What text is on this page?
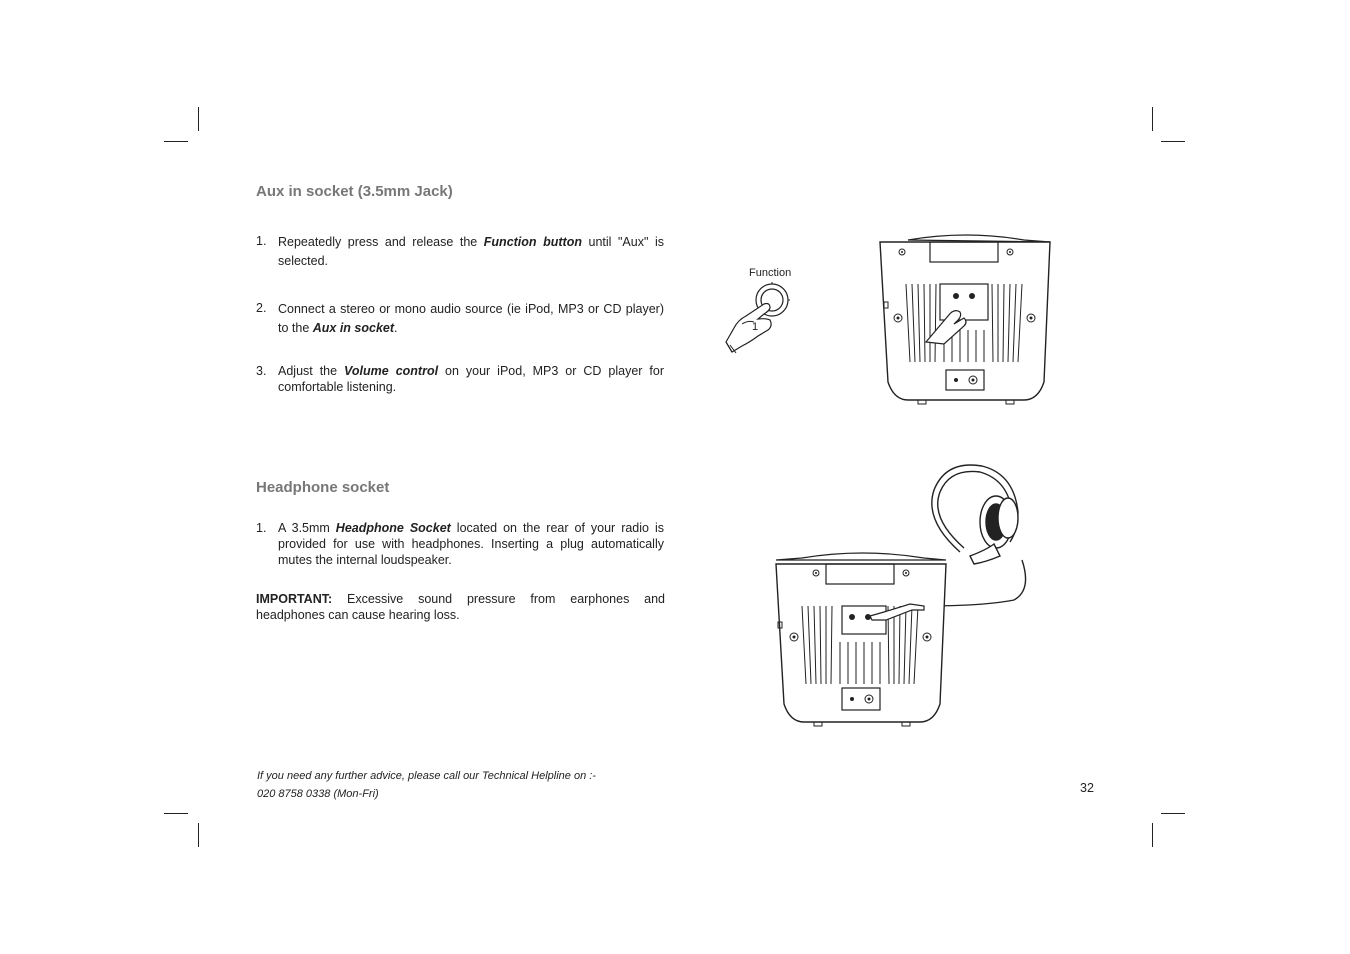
Aux in socket (3.5mm Jack)
1. Repeatedly press and release the Function button until "Aux" is selected.
2. Connect a stereo or mono audio source (ie iPod, MP3 or CD player) to the Aux in socket.
3. Adjust the Volume control on your iPod, MP3 or CD player for comfortable listening.
Headphone socket
1. A 3.5mm Headphone Socket located on the rear of your radio is provided for use with headphones. Inserting a plug automatically mutes the internal loudspeaker.
IMPORTANT: Excessive sound pressure from earphones and headphones can cause hearing loss.
Function
1
If you need any further advice, please call our Technical Helpline on :-
020 8758 0338 (Mon-Fri)	32
